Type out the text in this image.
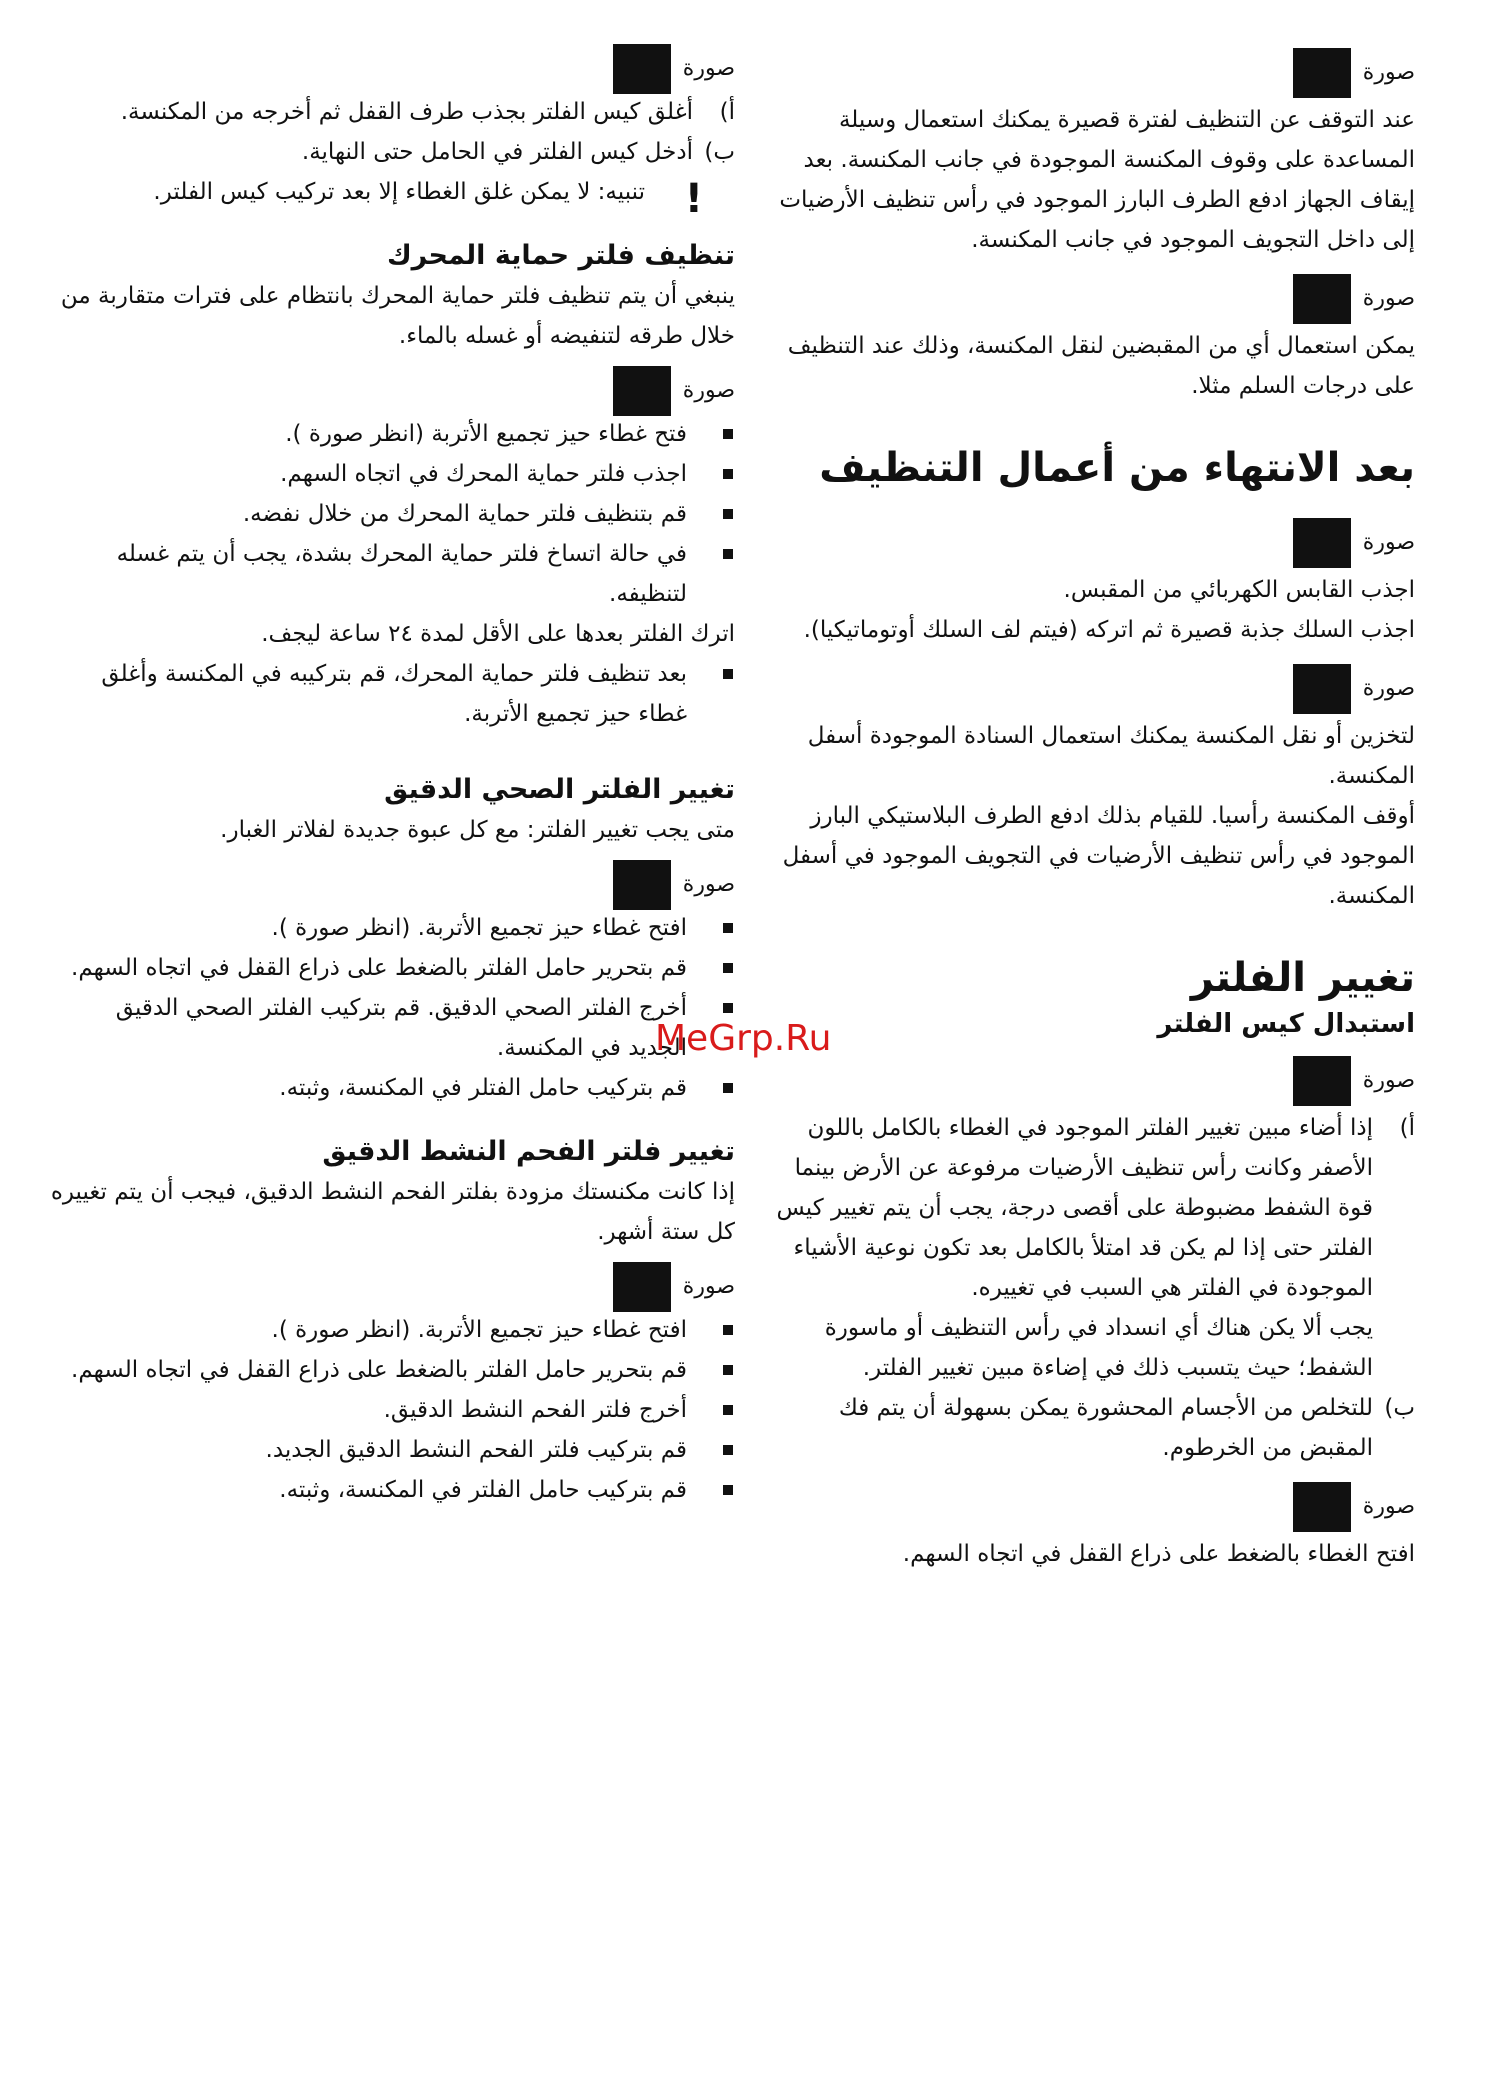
صورة

عند التوقف عن التنظيف لفترة قصيرة يمكنك استعمال وسيلة المساعدة على وقوف المكنسة الموجودة في جانب المكنسة. بعد إيقاف الجهاز ادفع الطرف البارز الموجود في رأس تنظيف الأرضيات إلى داخل التجويف الموجود في جانب المكنسة.

صورة

يمكن استعمال أي من المقبضين لنقل المكنسة، وذلك عند التنظيف على درجات السلم مثلا.

بعد الانتهاء من أعمال التنظيف
صورة

اجذب القابس الكهربائي من المقبس.

اجذب السلك جذبة قصيرة ثم اتركه (فيتم لف السلك أوتوماتيكيا).

صورة

لتخزين أو نقل المكنسة يمكنك استعمال السنادة الموجودة أسفل المكنسة.

أوقف المكنسة رأسيا. للقيام بذلك ادفع الطرف البلاستيكي البارز الموجود في رأس تنظيف الأرضيات في التجويف الموجود في أسفل المكنسة.

تغيير الفلتر
استبدال كيس الفلتر
صورة
أ)

إذا أضاء مبين تغيير الفلتر الموجود في الغطاء بالكامل باللون الأصفر وكانت رأس تنظيف الأرضيات مرفوعة عن الأرض بينما قوة الشفط مضبوطة على أقصى درجة، يجب أن يتم تغيير كيس الفلتر حتى إذا لم يكن قد امتلأ بالكامل بعد تكون نوعية الأشياء الموجودة في الفلتر هي السبب في تغييره.

يجب ألا يكن هناك أي انسداد في رأس التنظيف أو ماسورة الشفط؛ حيث يتسبب ذلك في إضاءة مبين تغيير الفلتر.

ب)

للتخلص من الأجسام المحشورة يمكن بسهولة أن يتم فك المقبض من الخرطوم.

صورة

افتح الغطاء بالضغط على ذراع القفل في اتجاه السهم.

صورة
أ)

أغلق كيس الفلتر بجذب طرف القفل ثم أخرجه من المكنسة.

ب)

أدخل كيس الفلتر في الحامل حتى النهاية.

!

تنبيه: لا يمكن غلق الغطاء إلا بعد تركيب كيس الفلتر.

تنظيف فلتر حماية المحرك

ينبغي أن يتم تنظيف فلتر حماية المحرك بانتظام على فترات متقاربة من خلال طرقه لتنفيضه أو غسله بالماء.

صورة
فتح غطاء حيز تجميع الأتربة (انظر صورة ).
اجذب فلتر حماية المحرك في اتجاه السهم.
قم بتنظيف فلتر حماية المحرك من خلال نفضه.
في حالة اتساخ فلتر حماية المحرك بشدة، يجب أن يتم غسله لتنظيفه.
اترك الفلتر بعدها على الأقل لمدة ٢٤ ساعة ليجف.
بعد تنظيف فلتر حماية المحرك، قم بتركيبه في المكنسة وأغلق غطاء حيز تجميع الأتربة.
تغيير الفلتر الصحي الدقيق

متى يجب تغيير الفلتر: مع كل عبوة جديدة لفلاتر الغبار.

صورة
افتح غطاء حيز تجميع الأتربة. (انظر صورة ).
قم بتحرير حامل الفلتر بالضغط على ذراع القفل في اتجاه السهم.
أخرج الفلتر الصحي الدقيق. قم بتركيب الفلتر الصحي الدقيق الجديد في المكنسة.
قم بتركيب حامل الفتلر في المكنسة، وثبته.
تغيير فلتر الفحم النشط الدقيق

إذا كانت مكنستك مزودة بفلتر الفحم النشط الدقيق، فيجب أن يتم تغييره كل ستة أشهر.

صورة
افتح غطاء حيز تجميع الأتربة. (انظر صورة ).
قم بتحرير حامل الفلتر بالضغط على ذراع القفل في اتجاه السهم.
أخرج فلتر الفحم النشط الدقيق.
قم بتركيب فلتر الفحم النشط الدقيق الجديد.
قم بتركيب حامل الفلتر في المكنسة، وثبته.
MeGrp.Ru
